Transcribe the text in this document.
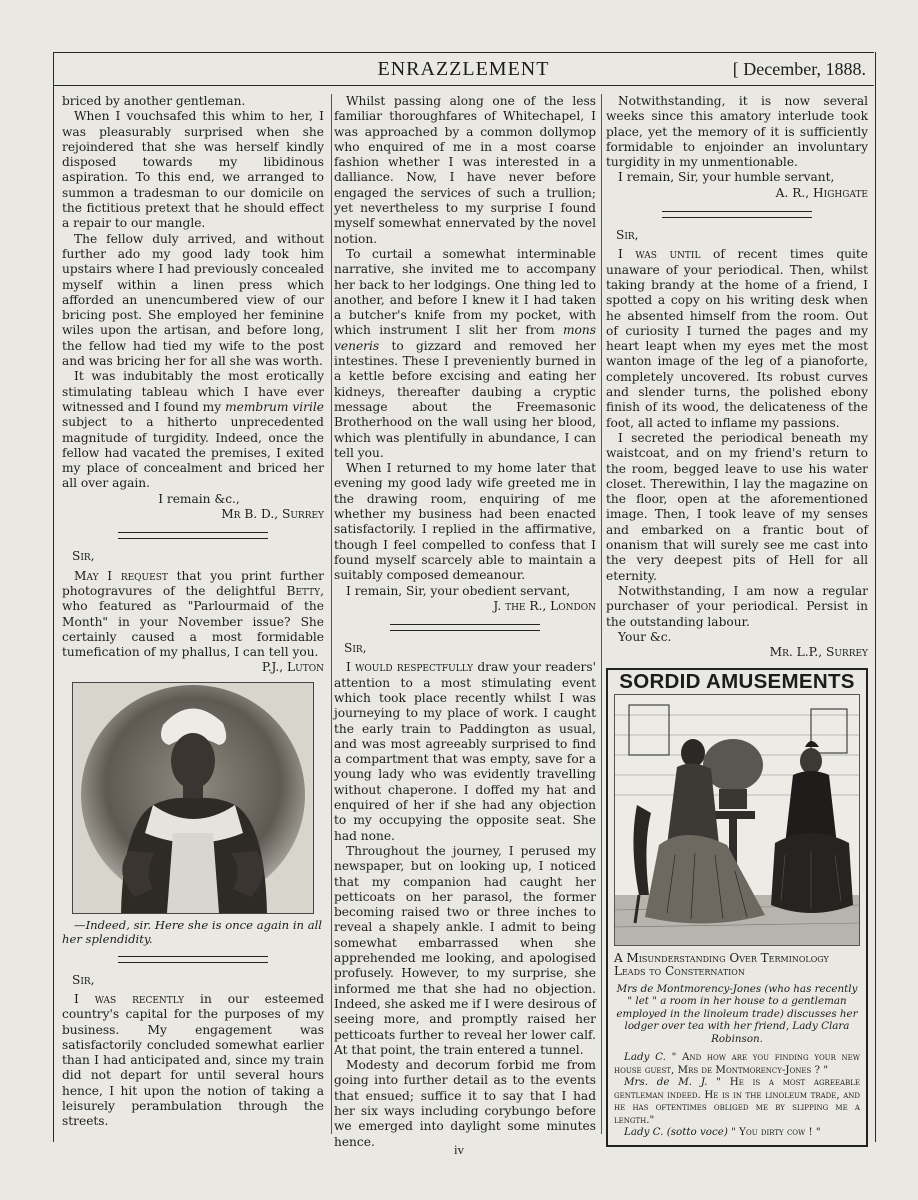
ENRAZZLEMENT	[ December, 1888.

briced by another gentleman.

When I vouchsafed this whim to her, I was pleasurably surprised when she rejoindered that she was herself kindly disposed towards my libidinous aspiration. To this end, we arranged to summon a tradesman to our domicile on the fictitious pretext that he should effect a repair to our mangle.

The fellow duly arrived, and without further ado my good lady took him upstairs where I had previously concealed myself within a linen press which afforded an unencumbered view of our bricing post. She employed her feminine wiles upon the artisan, and before long, the fellow had tied my wife to the post and was bricing her for all she was worth.

It was indubitably the most erotically stimulating tableau which I have ever witnessed and I found my membrum virile subject to a hitherto unprecedented magnitude of turgidity. Indeed, once the fellow had vacated the premises, I exited my place of concealment and briced her all over again.

I remain &c.,

Mr B. D., Surrey

Sir,

May I request that you print further photogravures of the delightful Betty, who featured as "Parlourmaid of the Month" in your November issue? She certainly caused a most formidable tumefication of my phallus, I can tell you.

P.J., Luton

—Indeed, sir. Here she is once again in all her splendidity.

Sir,

I was recently in our esteemed country's capital for the purposes of my business. My engagement was satisfactorily concluded somewhat earlier than I had anticipated and, since my train did not depart for until several hours hence, I hit upon the notion of taking a leisurely perambulation through the streets.

Whilst passing along one of the less familiar thoroughfares of Whitechapel, I was approached by a common dollymop who enquired of me in a most coarse fashion whether I was interested in a dalliance. Now, I have never before engaged the services of such a trullion; yet nevertheless to my surprise I found myself somewhat ennervated by the novel notion.

To curtail a somewhat interminable narrative, she invited me to accompany her back to her lodgings. One thing led to another, and before I knew it I had taken a butcher's knife from my pocket, with which instrument I slit her from mons veneris to gizzard and removed her intestines. These I preveniently burned in a kettle before excising and eating her kidneys, thereafter daubing a cryptic message about the Freemasonic Brotherhood on the wall using her blood, which was plentifully in abundance, I can tell you.

When I returned to my home later that evening my good lady wife greeted me in the drawing room, enquiring of me whether my business had been enacted satisfactorily. I replied in the affirmative, though I feel compelled to confess that I found myself scarcely able to maintain a suitably composed demeanour.

I remain, Sir, your obedient servant,

J. the R., London

Sir,

I would respectfully draw your readers' attention to a most stimulating event which took place recently whilst I was journeying to my place of work. I caught the early train to Paddington as usual, and was most agreeably surprised to find a compartment that was empty, save for a young lady who was evidently travelling without chaperone. I doffed my hat and enquired of her if she had any objection to my occupying the opposite seat. She had none.

Throughout the journey, I perused my newspaper, but on looking up, I noticed that my companion had caught her petticoats on her parasol, the former becoming raised two or three inches to reveal a shapely ankle. I admit to being somewhat embarrassed when she apprehended me looking, and apologised profusely. However, to my surprise, she informed me that she had no objection. Indeed, she asked me if I were desirous of seeing more, and promptly raised her petticoats further to reveal her lower calf. At that point, the train entered a tunnel.

Modesty and decorum forbid me from going into further detail as to the events that ensued; suffice it to say that I had her six ways including corybungo before we emerged into daylight some minutes hence.

Notwithstanding, it is now several weeks since this amatory interlude took place, yet the memory of it is sufficiently formidable to enjoinder an involuntary turgidity in my unmentionable.

I remain, Sir, your humble servant,

A. R., Highgate

Sir,

I was until of recent times quite unaware of your periodical. Then, whilst taking brandy at the home of a friend, I spotted a copy on his writing desk when he absented himself from the room. Out of curiosity I turned the pages and my heart leapt when my eyes met the most wanton image of the leg of a pianoforte, completely uncovered. Its robust curves and slender turns, the polished ebony finish of its wood, the delicateness of the foot, all acted to inflame my passions.

I secreted the periodical beneath my waistcoat, and on my friend's return to the room, begged leave to use his water closet. Therewithin, I lay the magazine on the floor, open at the aforementioned image. Then, I took leave of my senses and embarked on a frantic bout of onanism that will surely see me cast into the very deepest pits of Hell for all eternity.

Notwithstanding, I am now a regular purchaser of your periodical. Persist in the outstanding labour.

Your &c.

Mr. L.P., Surrey

SORDID AMUSEMENTS

A Misunderstanding Over Terminology Leads to Consternation

Mrs de Montmorency-Jones (who has recently " let " a room in her house to a gentleman employed in the linoleum trade) discusses her lodger over tea with her friend, Lady Clara Robinson.

Lady C. " And how are you finding your new house guest, Mrs de Montmorency-Jones ? "

Mrs. de M. J. " He is a most agreeable gentleman indeed. He is in the linoleum trade, and he has oftentimes obliged me by slipping me a length."

Lady C. (sotto voce) " You dirty cow ! "

iv
